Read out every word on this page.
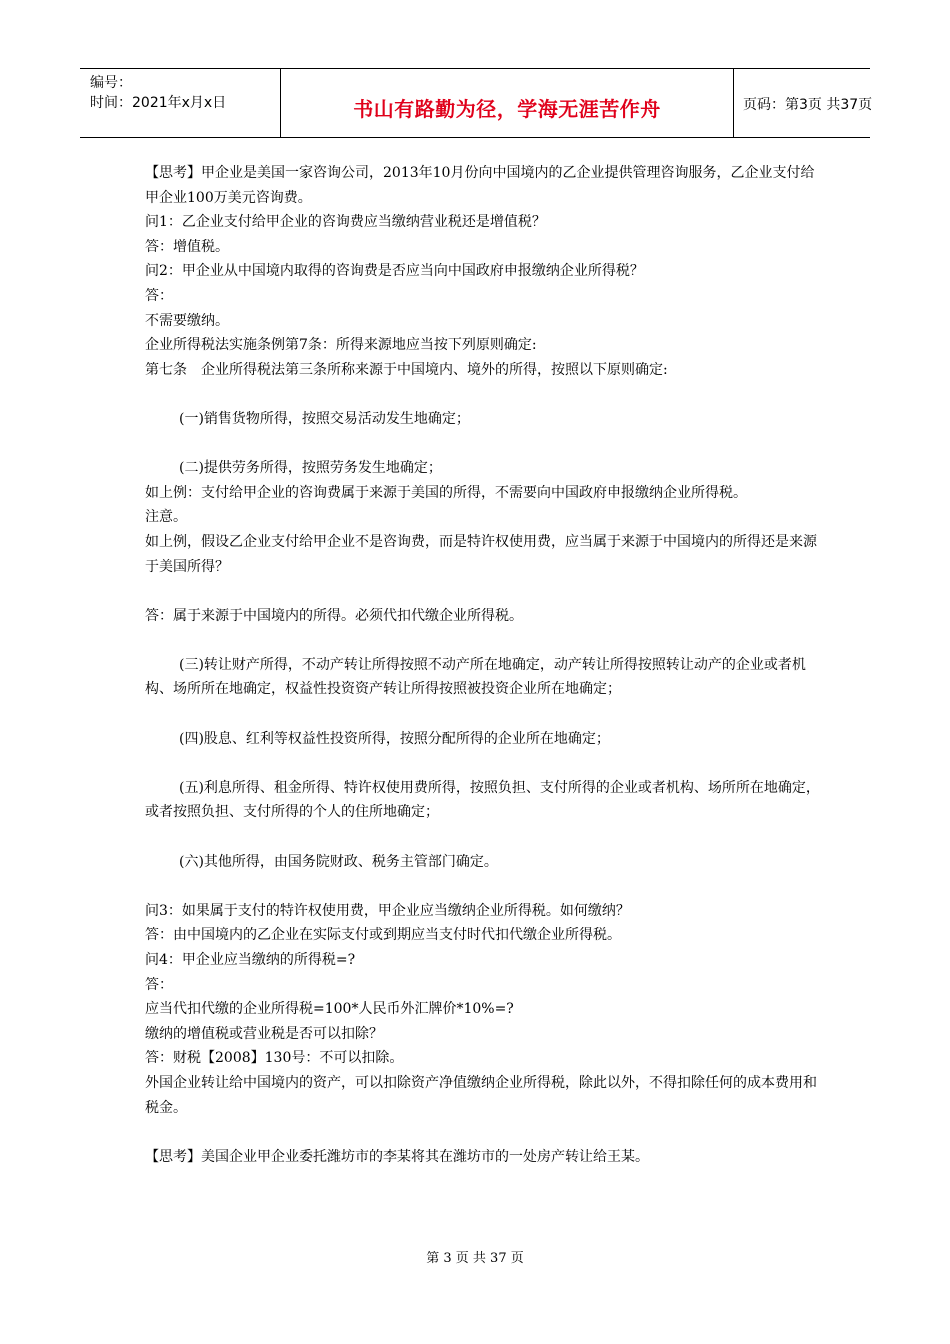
编号：
时间：2021年x月x日	书山有路勤为径，学海无涯苦作舟	页码：第3页 共37页

【思考】甲企业是美国一家咨询公司，2013年10月份向中国境内的乙企业提供管理咨询服务，乙企业支付给甲企业100万美元咨询费。

问1：乙企业支付给甲企业的咨询费应当缴纳营业税还是增值税？

答：增值税。

问2：甲企业从中国境内取得的咨询费是否应当向中国政府申报缴纳企业所得税？

答：

不需要缴纳。

企业所得税法实施条例第7条：所得来源地应当按下列原则确定:

第七条　企业所得税法第三条所称来源于中国境内、境外的所得，按照以下原则确定:

(一)销售货物所得，按照交易活动发生地确定；

(二)提供劳务所得，按照劳务发生地确定；

如上例：支付给甲企业的咨询费属于来源于美国的所得，不需要向中国政府申报缴纳企业所得税。

注意。

如上例，假设乙企业支付给甲企业不是咨询费，而是特许权使用费，应当属于来源于中国境内的所得还是来源于美国所得？

答：属于来源于中国境内的所得。必须代扣代缴企业所得税。

(三)转让财产所得，不动产转让所得按照不动产所在地确定，动产转让所得按照转让动产的企业或者机构、场所所在地确定，权益性投资资产转让所得按照被投资企业所在地确定；

(四)股息、红利等权益性投资所得，按照分配所得的企业所在地确定；

(五)利息所得、租金所得、特许权使用费所得，按照负担、支付所得的企业或者机构、场所所在地确定，或者按照负担、支付所得的个人的住所地确定；

(六)其他所得，由国务院财政、税务主管部门确定。

问3：如果属于支付的特许权使用费，甲企业应当缴纳企业所得税。如何缴纳？

答：由中国境内的乙企业在实际支付或到期应当支付时代扣代缴企业所得税。

问4：甲企业应当缴纳的所得税=?

答：

应当代扣代缴的企业所得税=100*人民币外汇牌价*10%=?

缴纳的增值税或营业税是否可以扣除？

答：财税【2008】130号：不可以扣除。

外国企业转让给中国境内的资产，可以扣除资产净值缴纳企业所得税，除此以外，不得扣除任何的成本费用和税金。

【思考】美国企业甲企业委托潍坊市的李某将其在潍坊市的一处房产转让给王某。

第 3 页 共 37 页
